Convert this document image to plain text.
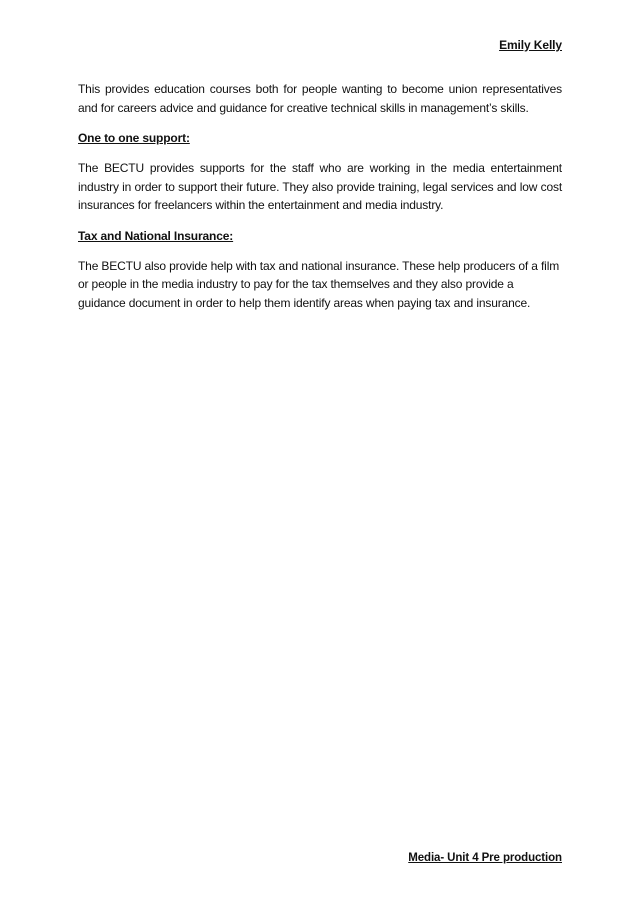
Emily Kelly

This provides education courses both for people wanting to become union representatives and for careers advice and guidance for creative technical skills in management’s skills.

One to one support:

The BECTU provides supports for the staff who are working in the media entertainment industry in order to support their future. They also provide training, legal services and low cost insurances for freelancers within the entertainment and media industry.

Tax and National Insurance:

The BECTU also provide help with tax and national insurance. These help producers of a film or people in the media industry to pay for the tax themselves and they also provide a guidance document in order to help them identify areas when paying tax and insurance.

Media- Unit 4 Pre production
